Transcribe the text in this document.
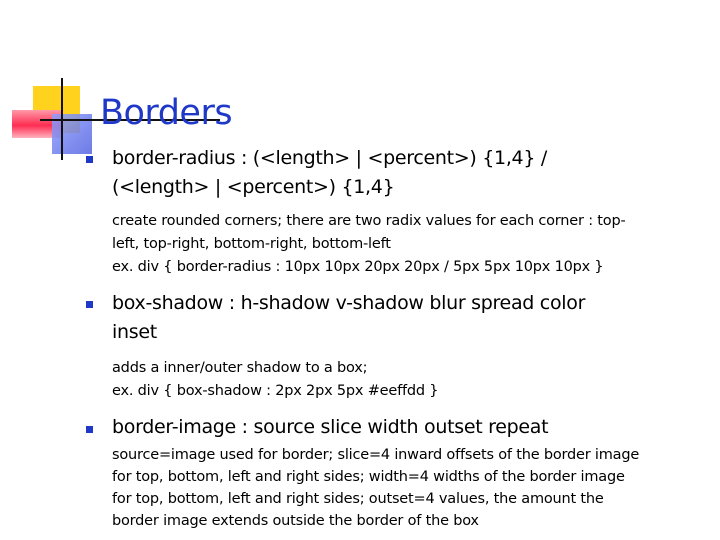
Borders
border-radius : (<length> | <percent>) {1,4} /
(<length> | <percent>) {1,4}
create rounded corners; there are two radix values for each corner : top-
left, top-right, bottom-right, bottom-left
ex. div { border-radius : 10px 10px 20px 20px / 5px 5px 10px 10px }
box-shadow : h-shadow v-shadow blur spread color
inset
adds a inner/outer shadow to a box;
ex. div { box-shadow : 2px 2px 5px #eeffdd }
border-image : source slice width outset repeat
source=image used for border; slice=4 inward offsets of the border image
for top, bottom, left and right sides; width=4 widths of the border image
for top, bottom, left and right sides; outset=4 values, the amount the
border image extends outside the border of the box
